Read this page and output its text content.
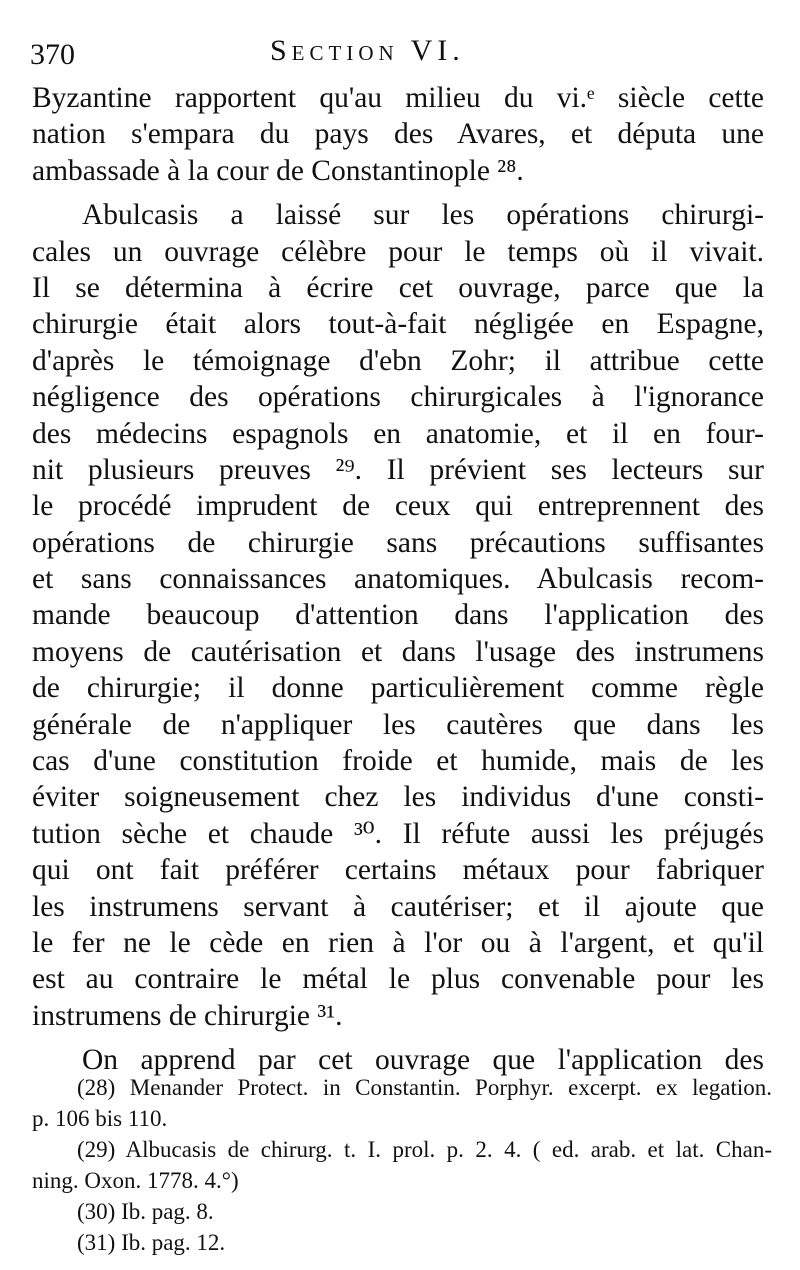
370	Section VI.
Byzantine rapportent qu'au milieu du vi.ᵉ siècle cette
nation s'empara du pays des Avares, et députa une
ambassade à la cour de Constantinople ²⁸.
Abulcasis a laissé sur les opérations chirurgi-
cales un ouvrage célèbre pour le temps où il vivait.
Il se détermina à écrire cet ouvrage, parce que la
chirurgie était alors tout-à-fait négligée en Espagne,
d'après le témoignage d'ebn Zohr; il attribue cette
négligence des opérations chirurgicales à l'ignorance
des médecins espagnols en anatomie, et il en four-
nit plusieurs preuves ²⁹. Il prévient ses lecteurs sur
le procédé imprudent de ceux qui entreprennent des
opérations de chirurgie sans précautions suffisantes
et sans connaissances anatomiques. Abulcasis recom-
mande beaucoup d'attention dans l'application des
moyens de cautérisation et dans l'usage des instrumens
de chirurgie; il donne particulièrement comme règle
générale de n'appliquer les cautères que dans les
cas d'une constitution froide et humide, mais de les
éviter soigneusement chez les individus d'une consti-
tution sèche et chaude ³⁰. Il réfute aussi les préjugés
qui ont fait préférer certains métaux pour fabriquer
les instrumens servant à cautériser; et il ajoute que
le fer ne le cède en rien à l'or ou à l'argent, et qu'il
est au contraire le métal le plus convenable pour les
instrumens de chirurgie ³¹.
On apprend par cet ouvrage que l'application des
(28) Menander Protect. in Constantin. Porphyr. excerpt. ex legation.
p. 106 bis 110.
(29) Albucasis de chirurg. t. I. prol. p. 2. 4. ( ed. arab. et lat. Chan-
ning. Oxon. 1778. 4.°)
(30) Ib. pag. 8.
(31) Ib. pag. 12.
